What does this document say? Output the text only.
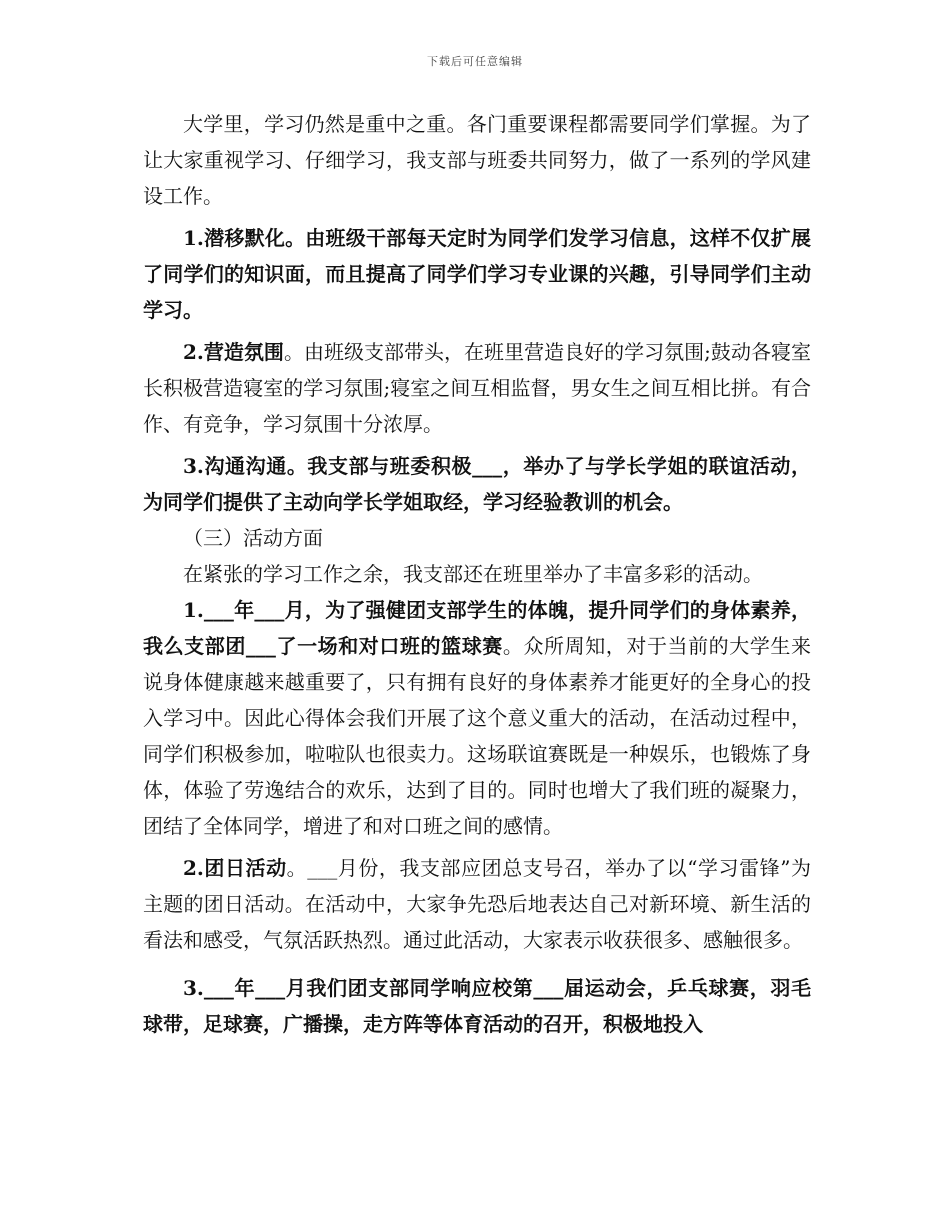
下载后可任意编辑

大学里，学习仍然是重中之重。各门重要课程都需要同学们掌握。为了让大家重视学习、仔细学习，我支部与班委共同努力，做了一系列的学风建设工作。

1.潜移默化。由班级干部每天定时为同学们发学习信息，这样不仅扩展了同学们的知识面，而且提高了同学们学习专业课的兴趣，引导同学们主动学习。

2.营造氛围。由班级支部带头，在班里营造良好的学习氛围;鼓动各寝室长积极营造寝室的学习氛围;寝室之间互相监督，男女生之间互相比拼。有合作、有竞争，学习氛围十分浓厚。

3.沟通沟通。我支部与班委积极___，举办了与学长学姐的联谊活动，为同学们提供了主动向学长学姐取经，学习经验教训的机会。

（三）活动方面

在紧张的学习工作之余，我支部还在班里举办了丰富多彩的活动。

1.___年___月，为了强健团支部学生的体魄，提升同学们的身体素养，我么支部团___了一场和对口班的篮球赛。众所周知，对于当前的大学生来说身体健康越来越重要了，只有拥有良好的身体素养才能更好的全身心的投入学习中。因此心得体会我们开展了这个意义重大的活动，在活动过程中，同学们积极参加，啦啦队也很卖力。这场联谊赛既是一种娱乐，也锻炼了身体，体验了劳逸结合的欢乐，达到了目的。同时也增大了我们班的凝聚力，团结了全体同学，增进了和对口班之间的感情。

2.团日活动。___月份，我支部应团总支号召，举办了以“学习雷锋”为主题的团日活动。在活动中，大家争先恐后地表达自己对新环境、新生活的看法和感受，气氛活跃热烈。通过此活动，大家表示收获很多、感触很多。

3.___年___月我们团支部同学响应校第___届运动会，乒乓球赛，羽毛球带，足球赛，广播操，走方阵等体育活动的召开，积极地投入
